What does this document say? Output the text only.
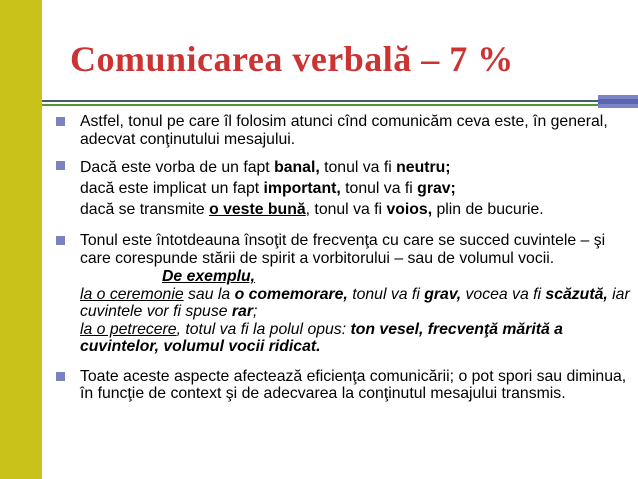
Comunicarea verbală – 7 %
Astfel, tonul pe care îl folosim atunci cînd comunicăm ceva este, în general, adecvat conţinutului mesajului.
Dacă este vorba de un fapt banal, tonul va fi neutru;
dacă este implicat un fapt important, tonul va fi grav;
dacă se transmite o veste bună, tonul va fi voios, plin de bucurie.
Tonul este întotdeauna însoţit de frecvenţa cu care se succed cuvintele – şi care corespunde stării de spirit a vorbitorului – sau de volumul vocii.
De exemplu,
la o ceremonie sau la o comemorare, tonul va fi grav, vocea va fi scăzută, iar cuvintele vor fi spuse rar;
la o petrecere, totul va fi la polul opus: ton vesel, frecvenţă mărită a cuvintelor, volumul vocii ridicat.
Toate aceste aspecte afectează eficienţa comunicării; o pot spori sau diminua, în funcţie de context şi de adecvarea la conţinutul mesajului transmis.
